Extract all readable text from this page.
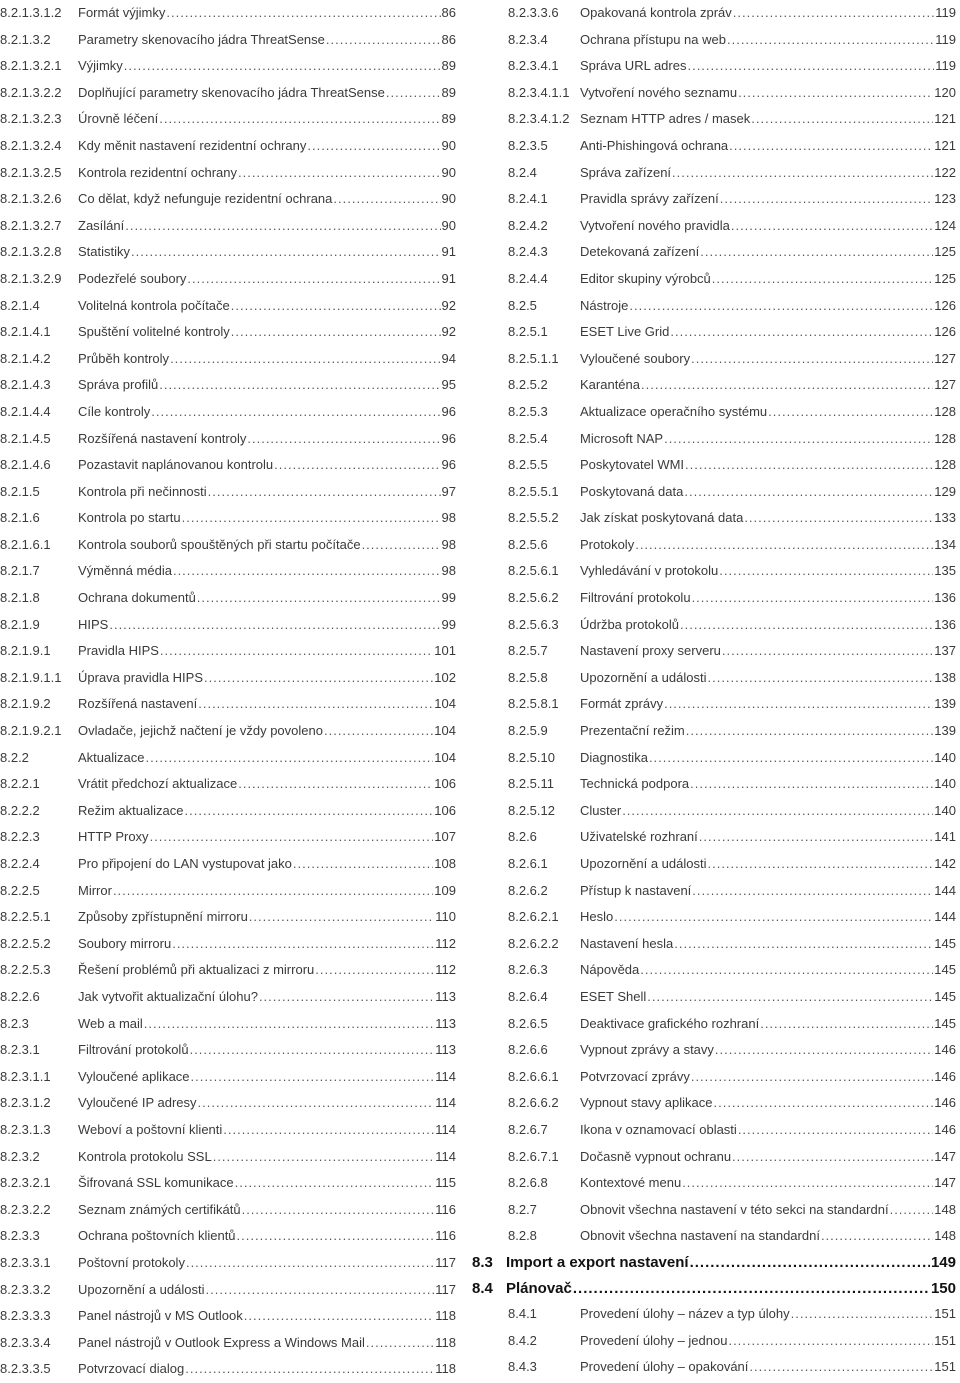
8.2.1.3.1.2 Formát výjimky .....	86
8.2.1.3.2 Parametry skenovacího jádra ThreatSense .....	86
8.2.1.3.2.1 Výjimky .....	89
8.2.1.3.2.2 Doplňující parametry skenovacího jádra ThreatSense .....	89
8.2.1.3.2.3 Úrovně léčení .....	89
8.2.1.3.2.4 Kdy měnit nastavení rezidentní ochrany .....	90
8.2.1.3.2.5 Kontrola rezidentní ochrany .....	90
8.2.1.3.2.6 Co dělat, když nefunguje rezidentní ochrana .....	90
8.2.1.3.2.7 Zasílání .....	90
8.2.1.3.2.8 Statistiky .....	91
8.2.1.3.2.9 Podezřelé soubory .....	91
8.2.1.4	Volitelná kontrola počítače .....	92
8.2.1.4.1 Spuštění volitelné kontroly .....	92
8.2.1.4.2 Průběh kontroly .....	94
8.2.1.4.3 Správa profilů .....	95
8.2.1.4.4 Cíle kontroly .....	96
8.2.1.4.5 Rozšířená nastavení kontroly .....	96
8.2.1.4.6 Pozastavit naplánovanou kontrolu .....	96
8.2.1.5	Kontrola při nečinnosti .....	97
8.2.1.6	Kontrola po startu .....	98
8.2.1.6.1 Kontrola souborů spouštěných při startu počítače .....	98
8.2.1.7	Výměnná média .....	98
8.2.1.8	Ochrana dokumentů .....	99
8.2.1.9	HIPS .....	99
8.2.1.9.1 Pravidla HIPS .....	101
8.2.1.9.1.1 Úprava pravidla HIPS .....	102
8.2.1.9.2 Rozšířená nastavení .....	104
8.2.1.9.2.1 Ovladače, jejichž načtení je vždy povoleno .....	104
8.2.2	Aktualizace .....	104
8.2.2.1	Vrátit předchozí aktualizace .....	106
8.2.2.2	Režim aktualizace .....	106
8.2.2.3	HTTP Proxy .....	107
8.2.2.4	Pro připojení do LAN vystupovat jako .....	108
8.2.2.5	Mirror .....	109
8.2.2.5.1 Způsoby zpřístupnění mirroru .....	110
8.2.2.5.2 Soubory mirroru .....	112
8.2.2.5.3 Řešení problémů při aktualizaci z mirroru .....	112
8.2.2.6	Jak vytvořit aktualizační úlohu? .....	113
8.2.3	Web a mail .....	113
8.2.3.1	Filtrování protokolů .....	113
8.2.3.1.1 Vyloučené aplikace .....	114
8.2.3.1.2 Vyloučené IP adresy .....	114
8.2.3.1.3 Weboví a poštovní klienti .....	114
8.2.3.2	Kontrola protokolu SSL .....	114
8.2.3.2.1 Šifrovaná SSL komunikace .....	115
8.2.3.2.2 Seznam známých certifikátů .....	116
8.2.3.3	Ochrana poštovních klientů .....	116
8.2.3.3.1 Poštovní protokoly .....	117
8.2.3.3.2 Upozornění a události .....	117
8.2.3.3.3 Panel nástrojů v MS Outlook .....	118
8.2.3.3.4 Panel nástrojů v Outlook Express a Windows Mail .....	118
8.2.3.3.5 Potvrzovací dialog .....	118
8.2.3.3.6 Opakovaná kontrola zpráv .....	119
8.2.3.4 Ochrana přístupu na web .....	119
8.2.3.4.1 Správa URL adres .....	119
8.2.3.4.1.1 Vytvoření nového seznamu .....	120
8.2.3.4.1.2 Seznam HTTP adres / masek .....	121
8.2.3.5 Anti-Phishingová ochrana .....	121
8.2.4	Správa zařízení .....	122
8.2.4.1 Pravidla správy zařízení .....	123
8.2.4.2 Vytvoření nového pravidla .....	124
8.2.4.3 Detekovaná zařízení .....	125
8.2.4.4 Editor skupiny výrobců .....	125
8.2.5	Nástroje .....	126
8.2.5.1 ESET Live Grid .....	126
8.2.5.1.1 Vyloučené soubory .....	127
8.2.5.2 Karanténa .....	127
8.2.5.3 Aktualizace operačního systému .....	128
8.2.5.4 Microsoft NAP .....	128
8.2.5.5 Poskytovatel WMI .....	128
8.2.5.5.1 Poskytovaná data .....	129
8.2.5.5.2 Jak získat poskytovaná data .....	133
8.2.5.6 Protokoly .....	134
8.2.5.6.1 Vyhledávání v protokolu .....	135
8.2.5.6.2 Filtrování protokolu .....	136
8.2.5.6.3 Údržba protokolů .....	136
8.2.5.7 Nastavení proxy serveru .....	137
8.2.5.8 Upozornění a události .....	138
8.2.5.8.1 Formát zprávy .....	139
8.2.5.9 Prezentační režim .....	139
8.2.5.10 Diagnostika .....	140
8.2.5.11 Technická podpora .....	140
8.2.5.12 Cluster .....	140
8.2.6	Uživatelské rozhraní .....	141
8.2.6.1 Upozornění a události .....	142
8.2.6.2 Přístup k nastavení .....	144
8.2.6.2.1 Heslo .....	144
8.2.6.2.2 Nastavení hesla .....	145
8.2.6.3 Nápověda .....	145
8.2.6.4 ESET Shell .....	145
8.2.6.5 Deaktivace grafického rozhraní .....	145
8.2.6.6 Vypnout zprávy a stavy .....	146
8.2.6.6.1 Potvrzovací zprávy .....	146
8.2.6.6.2 Vypnout stavy aplikace .....	146
8.2.6.7 Ikona v oznamovací oblasti .....	146
8.2.6.7.1 Dočasně vypnout ochranu .....	147
8.2.6.8 Kontextové menu .....	147
8.2.7	Obnovit všechna nastavení v této sekci na standardní .....	148
8.2.8	Obnovit všechna nastavení na standardní .....	148
8.3 Import a export nastavení .....	149
8.4 Plánovač .....	150
8.4.1	Provedení úlohy – název a typ úlohy .....	151
8.4.2	Provedení úlohy – jednou .....	151
8.4.3	Provedení úlohy – opakování .....	151
